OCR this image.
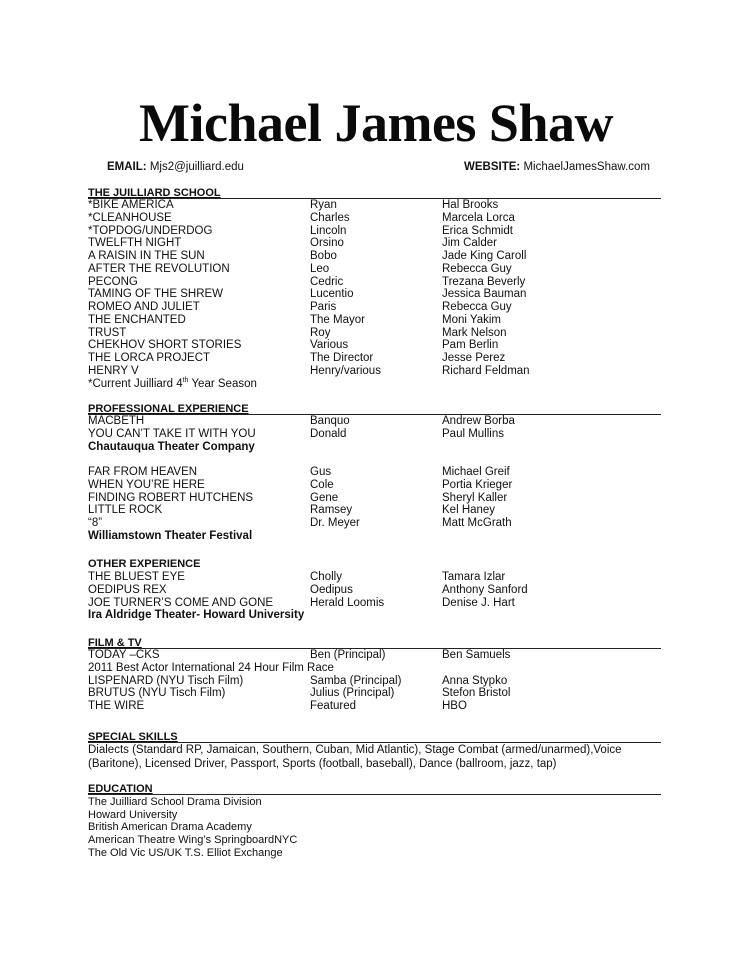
Michael James Shaw
EMAIL: Mjs2@juilliard.edu	WEBSITE: MichaelJamesShaw.com
THE JUILLIARD SCHOOL
*BIKE AMERICA	Ryan	Hal Brooks
*CLEANHOUSE	Charles	Marcela Lorca
*TOPDOG/UNDERDOG	Lincoln	Erica Schmidt
TWELFTH NIGHT	Orsino	Jim Calder
A RAISIN IN THE SUN	Bobo	Jade King Caroll
AFTER THE REVOLUTION	Leo	Rebecca Guy
PECONG	Cedric	Trezana Beverly
TAMING OF THE SHREW	Lucentio	Jessica Bauman
ROMEO AND JULIET	Paris	Rebecca Guy
THE ENCHANTED	The Mayor	Moni Yakim
TRUST	Roy	Mark Nelson
CHEKHOV SHORT STORIES	Various	Pam Berlin
THE LORCA PROJECT	The Director	Jesse Perez
HENRY V	Henry/various	Richard Feldman
*Current Juilliard 4th Year Season
PROFESSIONAL EXPERIENCE
MACBETH	Banquo	Andrew Borba
YOU CAN’T TAKE IT WITH YOU	Donald	Paul Mullins
Chautauqua Theater Company
FAR FROM HEAVEN	Gus	Michael Greif
WHEN YOU’RE HERE	Cole	Portia Krieger
FINDING ROBERT HUTCHENS	Gene	Sheryl Kaller
LITTLE ROCK	Ramsey	Kel Haney
“8”	Dr. Meyer	Matt McGrath
Williamstown Theater Festival
OTHER EXPERIENCE
THE BLUEST EYE	Cholly	Tamara Izlar
OEDIPUS REX	Oedipus	Anthony Sanford
JOE TURNER’S COME AND GONE	Herald Loomis	Denise J. Hart
Ira Aldridge Theater- Howard University
FILM & TV
TODAY –CKS	Ben (Principal)	Ben Samuels
2011 Best Actor International 24 Hour Film Race
LISPENARD (NYU Tisch Film)	Samba (Principal)	Anna Stypko
BRUTUS (NYU Tisch Film)	Julius (Principal)	Stefon Bristol
THE WIRE	Featured	HBO
SPECIAL SKILLS
Dialects (Standard RP, Jamaican, Southern, Cuban, Mid Atlantic), Stage Combat (armed/unarmed),Voice (Baritone), Licensed Driver, Passport, Sports (football, baseball), Dance (ballroom, jazz, tap)
EDUCATION
The Juilliard School Drama Division
Howard University
British American Drama Academy
American Theatre Wing’s SpringboardNYC
The Old Vic US/UK T.S. Elliot Exchange
